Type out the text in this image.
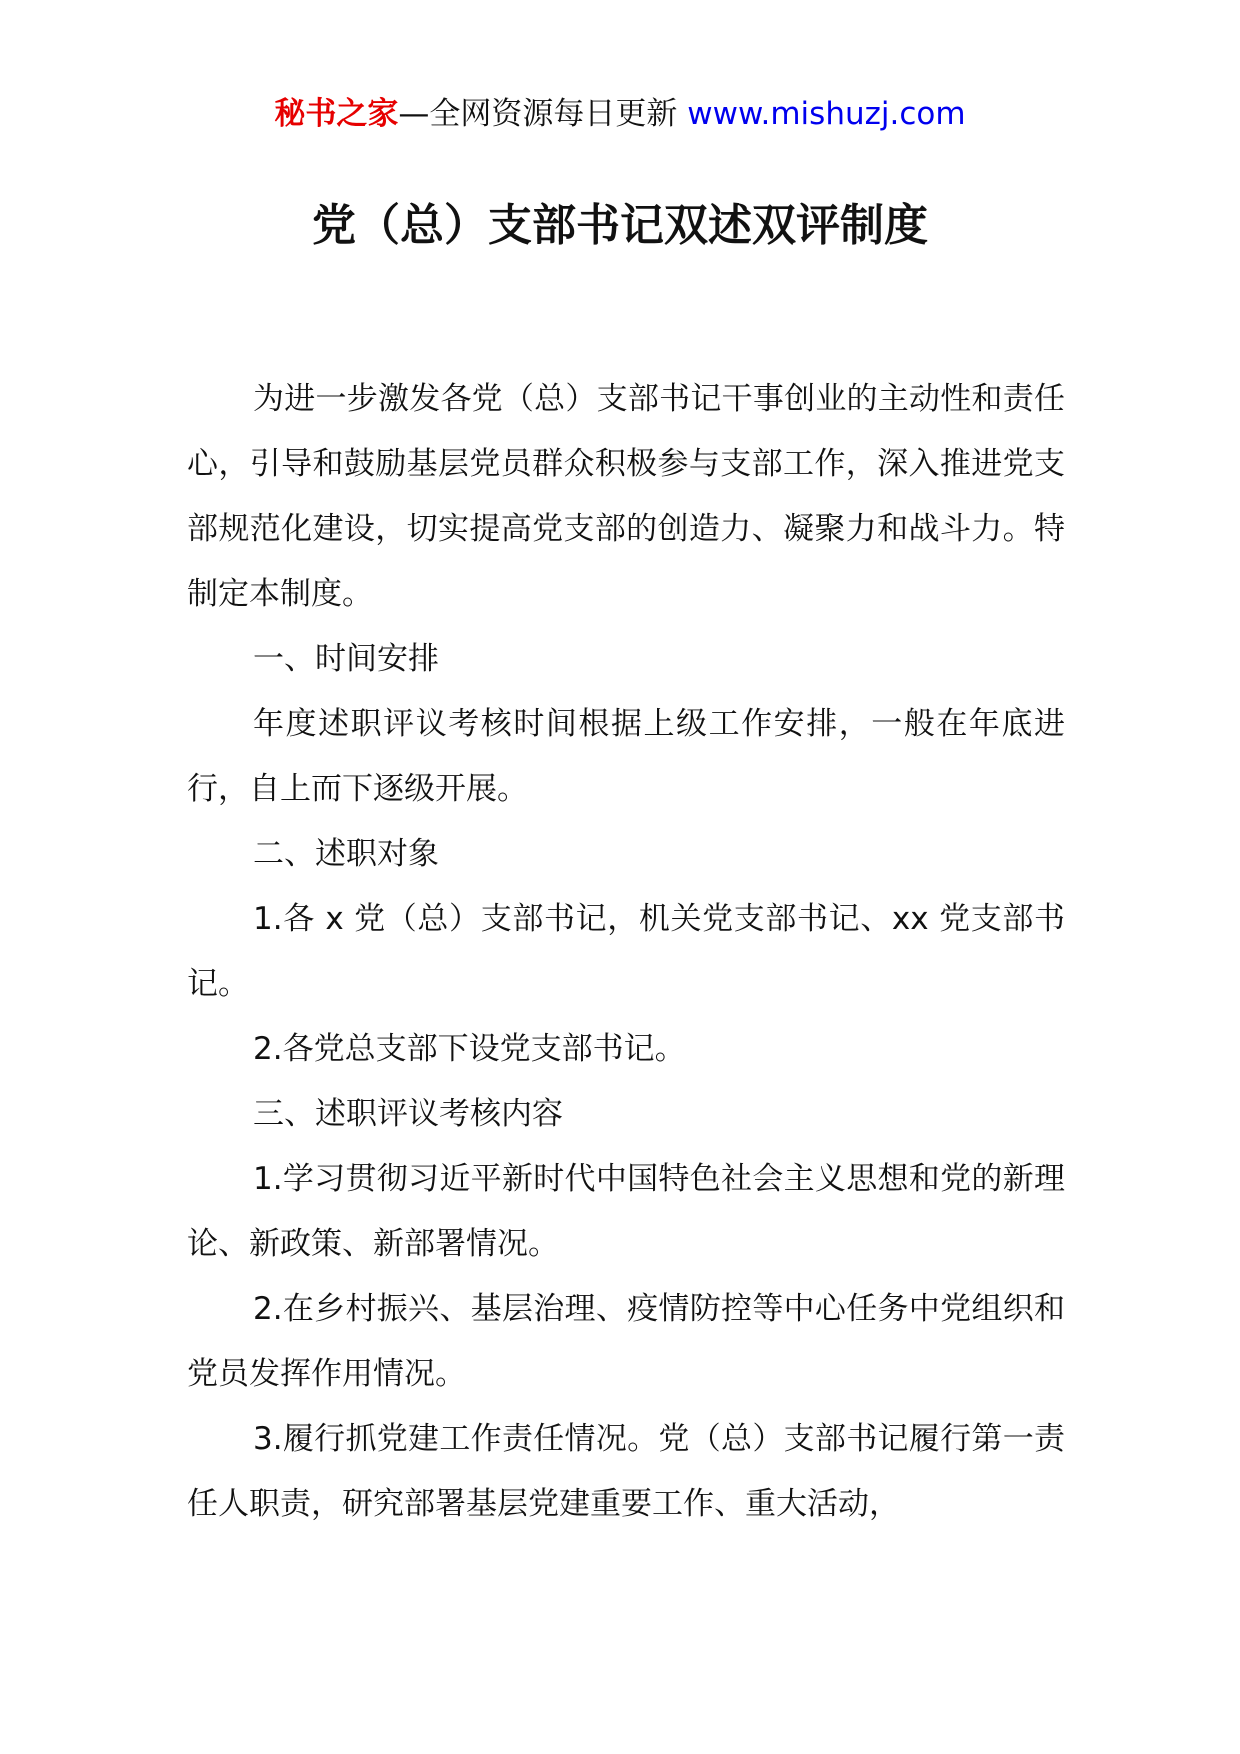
秘书之家—全网资源每日更新 www.mishuzj.com
党（总）支部书记双述双评制度

为进一步激发各党（总）支部书记干事创业的主动性和责任心，引导和鼓励基层党员群众积极参与支部工作，深入推进党支部规范化建设，切实提高党支部的创造力、凝聚力和战斗力。特制定本制度。

一、时间安排

年度述职评议考核时间根据上级工作安排，一般在年底进行，自上而下逐级开展。

二、述职对象

1.各 x 党（总）支部书记，机关党支部书记、xx 党支部书记。

2.各党总支部下设党支部书记。

三、述职评议考核内容

1.学习贯彻习近平新时代中国特色社会主义思想和党的新理论、新政策、新部署情况。

2.在乡村振兴、基层治理、疫情防控等中心任务中党组织和党员发挥作用情况。

3.履行抓党建工作责任情况。党（总）支部书记履行第一责任人职责，研究部署基层党建重要工作、重大活动，
